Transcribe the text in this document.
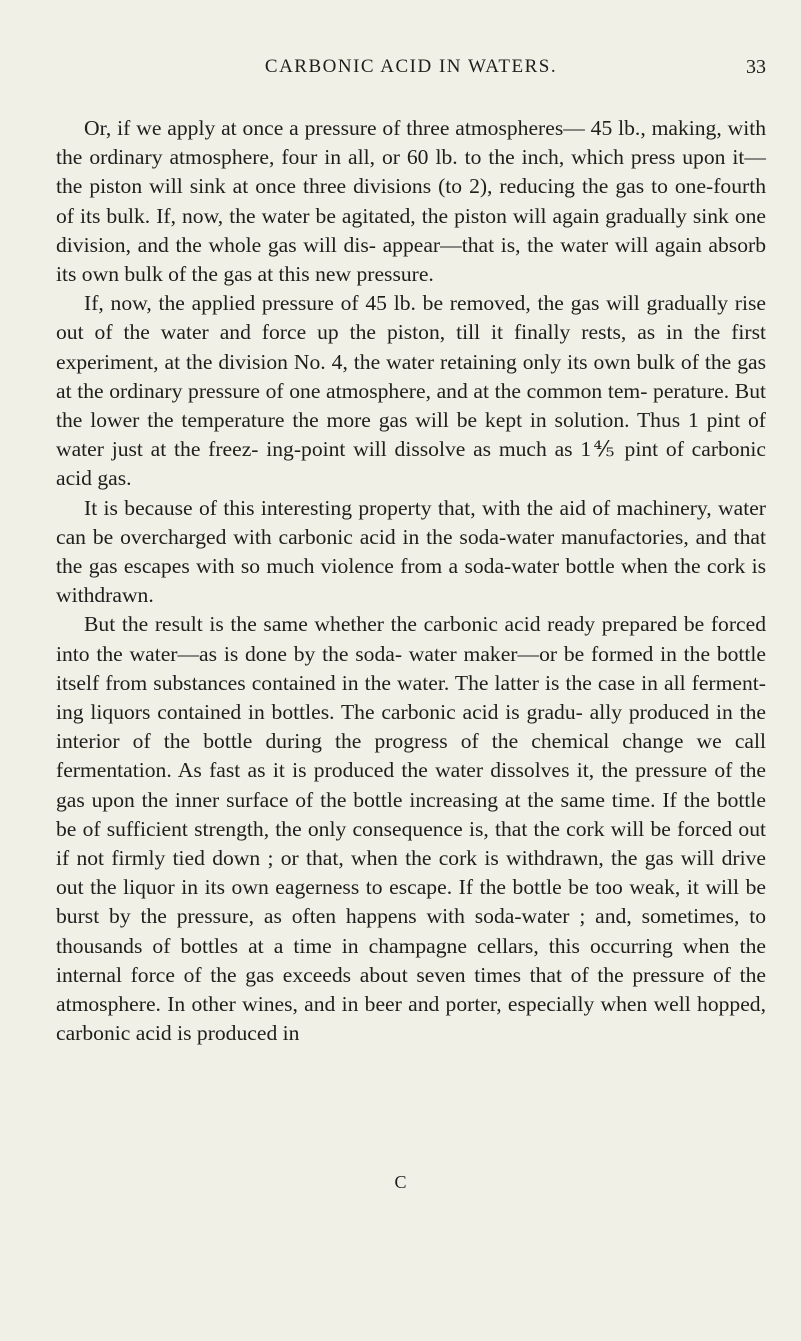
CARBONIC ACID IN WATERS.	33

Or, if we apply at once a pressure of three atmospheres— 45 lb., making, with the ordinary atmosphere, four in all, or 60 lb. to the inch, which press upon it—the piston will sink at once three divisions (to 2), reducing the gas to one-fourth of its bulk. If, now, the water be agitated, the piston will again gradually sink one division, and the whole gas will dis- appear—that is, the water will again absorb its own bulk of the gas at this new pressure.

If, now, the applied pressure of 45 lb. be removed, the gas will gradually rise out of the water and force up the piston, till it finally rests, as in the first experiment, at the division No. 4, the water retaining only its own bulk of the gas at the ordinary pressure of one atmosphere, and at the common tem- perature. But the lower the temperature the more gas will be kept in solution. Thus 1 pint of water just at the freez- ing-point will dissolve as much as 1⅘ pint of carbonic acid gas.

It is because of this interesting property that, with the aid of machinery, water can be overcharged with carbonic acid in the soda-water manufactories, and that the gas escapes with so much violence from a soda-water bottle when the cork is withdrawn.

But the result is the same whether the carbonic acid ready prepared be forced into the water—as is done by the soda- water maker—or be formed in the bottle itself from substances contained in the water. The latter is the case in all ferment- ing liquors contained in bottles. The carbonic acid is gradu- ally produced in the interior of the bottle during the progress of the chemical change we call fermentation. As fast as it is produced the water dissolves it, the pressure of the gas upon the inner surface of the bottle increasing at the same time. If the bottle be of sufficient strength, the only consequence is, that the cork will be forced out if not firmly tied down ; or that, when the cork is withdrawn, the gas will drive out the liquor in its own eagerness to escape. If the bottle be too weak, it will be burst by the pressure, as often happens with soda-water ; and, sometimes, to thousands of bottles at a time in champagne cellars, this occurring when the internal force of the gas exceeds about seven times that of the pressure of the atmosphere. In other wines, and in beer and porter, especially when well hopped, carbonic acid is produced in

C
